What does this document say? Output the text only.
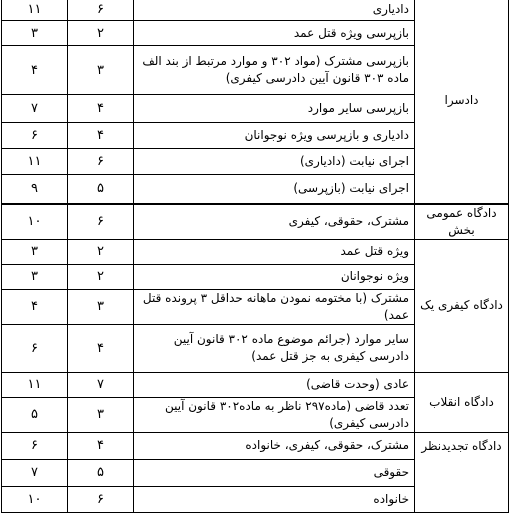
دادسرا	دادیاری	۶	۱۱
	بازپرسی ویژه قتل عمد	۲	۳
	بازپرسی مشترک (مواد ۳۰۲ و موارد مرتبط از بند الف ماده ۳۰۳ قانون آیین دادرسی کیفری)	۳	۴
	بازپرسی سایر موارد	۴	۷
	دادیاری و بازپرسی ویژه نوجوانان	۴	۶
	اجرای نیابت (دادیاری)	۶	۱۱
	اجرای نیابت (بازپرسی)	۵	۹
دادگاه عمومی بخش	مشترک، حقوقی، کیفری	۶	۱۰
دادگاه کیفری یک	ویژه قتل عمد	۲	۳
	ویژه نوجوانان	۲	۳
	مشترک (با مختومه نمودن ماهانه حداقل ۳ پرونده قتل عمد)	۳	۴
	سایر موارد (جرائم موضوع ماده ۳۰۲ قانون آیین دادرسی کیفری به جز قتل عمد)	۴	۶
دادگاه انقلاب	عادی (وحدت قاضی)	۷	۱۱
	تعدد قاضی (ماده۲۹۷ ناظر به ماده۳۰۲ قانون آیین دادرسی کیفری)	۳	۵
دادگاه تجدیدنظر	مشترک، حقوقی، کیفری، خانواده	۴	۶
	حقوقی	۵	۷
	خانواده	۶	۱۰
